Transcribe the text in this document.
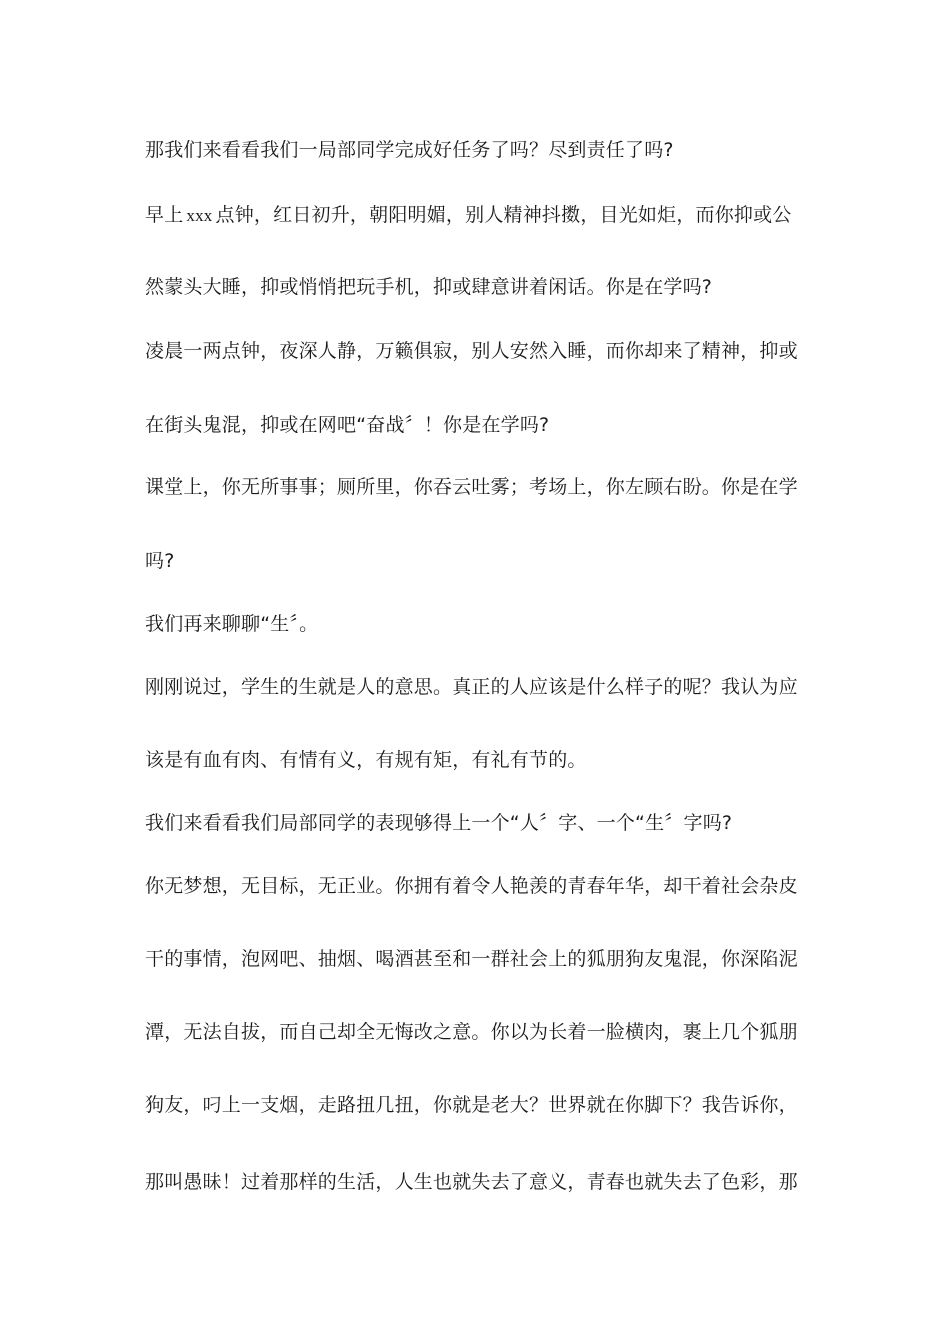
那我们来看看我们一局部同学完成好任务了吗？尽到责任了吗?
早上 xxx 点钟，红日初升，朝阳明媚，别人精神抖擞，目光如炬，而你抑或公
然蒙头大睡，抑或悄悄把玩手机，抑或肆意讲着闲话。你是在学吗?
凌晨一两点钟，夜深人静，万籁俱寂，别人安然入睡，而你却来了精神，抑或
在街头鬼混，抑或在网吧“奋战〞！你是在学吗?
课堂上，你无所事事；厕所里，你吞云吐雾；考场上，你左顾右盼。你是在学
吗?
我们再来聊聊“生〞。
刚刚说过，学生的生就是人的意思。真正的人应该是什么样子的呢？我认为应
该是有血有肉、有情有义，有规有矩，有礼有节的。
我们来看看我们局部同学的表现够得上一个“人〞字、一个“生〞字吗?
你无梦想，无目标，无正业。你拥有着令人艳羡的青春年华，却干着社会杂皮
干的事情，泡网吧、抽烟、喝酒甚至和一群社会上的狐朋狗友鬼混，你深陷泥
潭，无法自拔，而自己却全无悔改之意。你以为长着一脸横肉，裹上几个狐朋
狗友，叼上一支烟，走路扭几扭，你就是老大？世界就在你脚下？我告诉你，
那叫愚昧！过着那样的生活，人生也就失去了意义，青春也就失去了色彩，那
